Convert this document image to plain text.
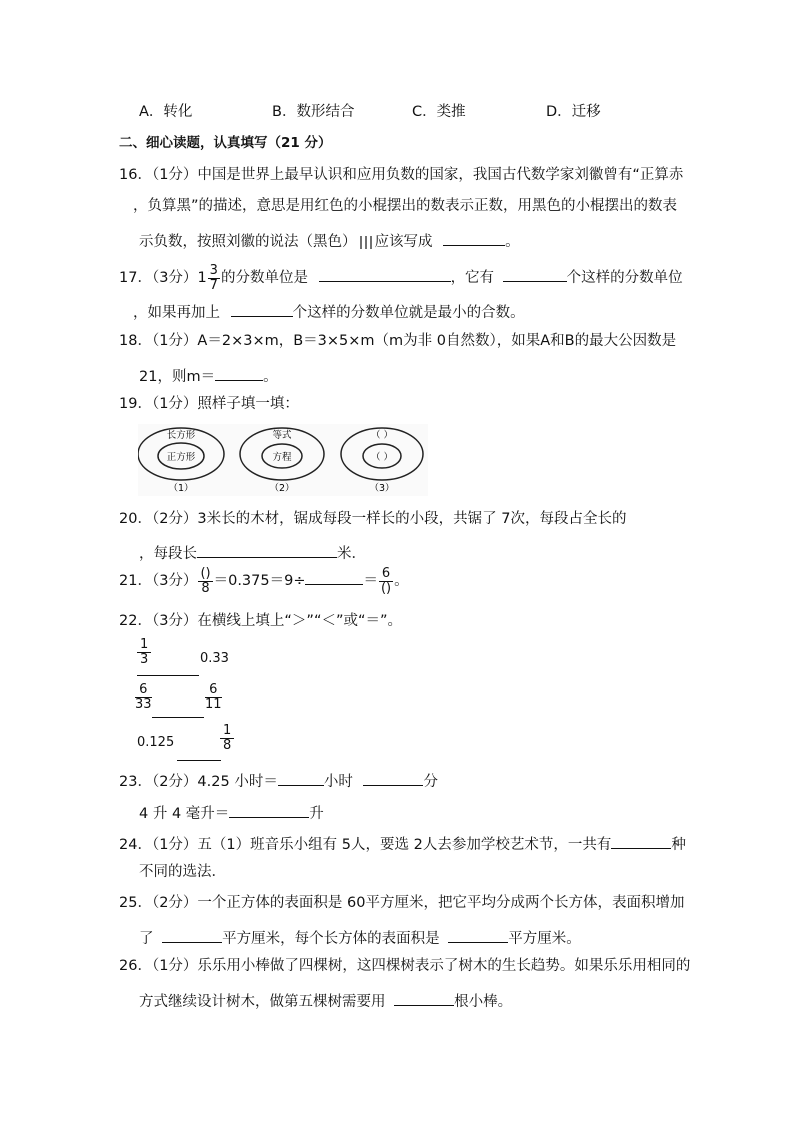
A．转化	B．数形结合	C．类推	D．迁移
二、细心读题，认真填写（21 分）
16．（1分）中国是世界上最早认识和应用负数的国家，我国古代数学家刘徽曾有“正算赤
，负算黑”的描述，意思是用红色的小棍摆出的数表示正数，用黑色的小棍摆出的数表
示负数，按照刘徽的说法（黑色） 应该写成	。
17．（3分）$1 \frac{3}{7}$ 的分数单位是	，它有	个这样的分数单位
，如果再加上	个这样的分数单位就是最小的合数。
18．（1分）A＝2×3×m，B＝3×5×m（m为非 0自然数），如果A和B的最大公因数是
21，则m＝	。
19．（1分）照样子填一填：
长方形
正方形
（1）
等式
方程
（2）
（ ）
（ ）
（3）
20．（2分）3米长的木材，锯成每段一样长的小段，共锯了 7次，每段占全长的
，每段长	米．
21．（3分） $\frac{()}{8} =0.375=9\div$	＝ $\frac{6}{()}$ 。
22．（3分）在横线上填上“＞”“＜”或“＝”。
$\frac{1}{3}$	0.33
$\frac{6}{33}$	$\frac{6}{11}$
0.125	$\frac{1}{8}$
23．（2分）4.25 小时＝	小时	分
4 升 4 毫升＝	升
24．（1分）五（1）班音乐小组有 5人，要选 2人去参加学校艺术节，一共有	种
不同的选法．
25．（2分）一个正方体的表面积是 60平方厘米，把它平均分成两个长方体，表面积增加
了	平方厘米，每个长方体的表面积是	平方厘米。
26．（1分）乐乐用小棒做了四棵树，这四棵树表示了树木的生长趋势。如果乐乐用相同的
方式继续设计树木，做第五棵树需要用	根小棒。
